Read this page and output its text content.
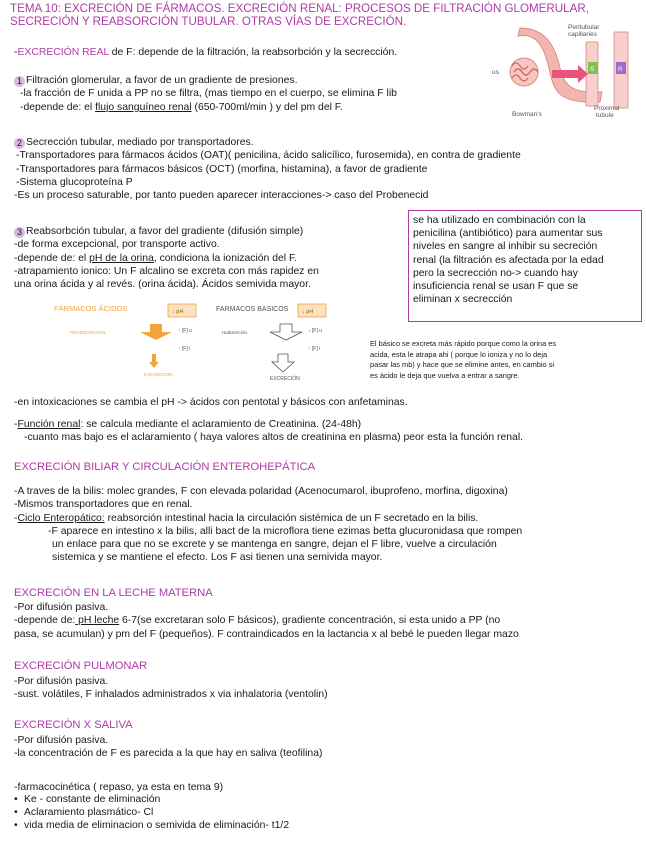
TEMA 10: EXCRECIÓN DE FÁRMACOS. EXCRECIÓN RENAL: PROCESOS DE FILTRACIÓN GLOMERULAR,
SECRECIÓN Y REABSORCIÓN TUBULAR. OTRAS VÍAS DE EXCRECIÓN.
-EXCRECIÓN REAL de F: depende de la filtración, la reabsorbción y la secrección.
S	R
Peritubular
capillaries
us
Bowman's
Proximal
tubule
1 Filtración glomerular, a favor de un gradiente de presiones.
-la fracción de F unida a PP no se filtra, (mas tiempo en el cuerpo, se elimina F lib
-depende de: el flujo sanguíneo renal (650-700ml/min ) y del pm del F.
2 Secrección tubular, mediado por transportadores.
-Transportadores para fármacos ácidos (OAT)( penicilina, ácido salicílico, furosemida), en contra de gradiente
-Transportadores para fármacos básicos (OCT) (morfina, histamina), a favor de gradiente
-Sistema glucoproteína P
-Es un proceso saturable, por tanto pueden aparecer interacciones-> caso del Probenecid
3 Reabsorbción tubular, a favor del gradiente (difusión simple)
-de forma excepcional, por transporte activo.
-depende de: el pH de la orina, condiciona la ionización del F.
-atrapamiento ionico: Un F alcalino se excreta con más rapidez en
una orina ácida y al revés. (orina ácida). Ácidos semivida mayor.
se ha utilizado en combinación con la
penicilina (antibiótico) para aumentar sus
niveles en sangre al inhibir su secreción
renal (la filtración es afectada por la edad
pero la secrección no-> cuando hay
insuficiencia renal se usan F que se
eliminan x secrección
FÁRMACOS ÁCIDOS	FARMACOS BASICOS
↓ pH	↓ pH
REABSORCIÓN	↑ [F] u	reabsorción	↓ [F] u
↑ [F] i	↑ [F] i
EXCRECIÓN
EXCRECIÓN
El básico se excreta más rápido porque como la orina es
acida, esta le atrapa ahi ( porque lo ioniza y no lo deja
pasar las mb) y hace que se elimine antes, en cambio si
es ácido le deja que vuelva a entrar a sangre.
-en intoxicaciones se cambia el pH -> ácidos con pentotal y básicos con anfetaminas.
-Función renal: se calcula mediante el aclaramiento de Creatinina. (24-48h)
-cuanto mas bajo es el aclaramiento ( haya valores altos de creatinina en plasma) peor esta la función renal.
EXCRECIÓN BILIAR Y CIRCULACIÓN ENTEROHEPÁTICA
-A traves de la bilis: molec grandes, F con elevada polaridad (Acenocumarol, ibuprofeno, morfina, digoxina)
-Mismos transportadores que en renal.
-Ciclo Enteropático: reabsorción intestinal hacia la circulación sistémica de un F secretado en la bilis.
-F aparece en intestino x la bilis, alli bact de la microflora tiene ezimas betta glucuronidasa que rompen
un enlace para que no se excrete y se mantenga en sangre, dejan el F libre, vuelve a circulación
sistemica y se mantiene el efecto. Los F asi tienen una semivida mayor.
EXCRECIÓN EN LA LECHE MATERNA
-Por difusión pasiva.
-depende de: pH leche 6-7(se excretaran solo F básicos), gradiente concentración, si esta unido a PP (no
pasa, se acumulan) y pm del F (pequeños). F contraindicados en la lactancia x al bebé le pueden llegar mazo
EXCRECIÓN PULMONAR
-Por difusión pasiva.
-sust. volátiles, F inhalados administrados x via inhalatoria (ventolin)
EXCRECIÓN X SALIVA
-Por difusión pasiva.
-la concentración de F es parecida a la que hay en saliva (teofilina)
-farmacocinética ( repaso, ya esta en tema 9)
• Ke - constante de eliminación
• Aclaramiento plasmático- Cl
• vida media de eliminacion o semivida de eliminación- t1/2
